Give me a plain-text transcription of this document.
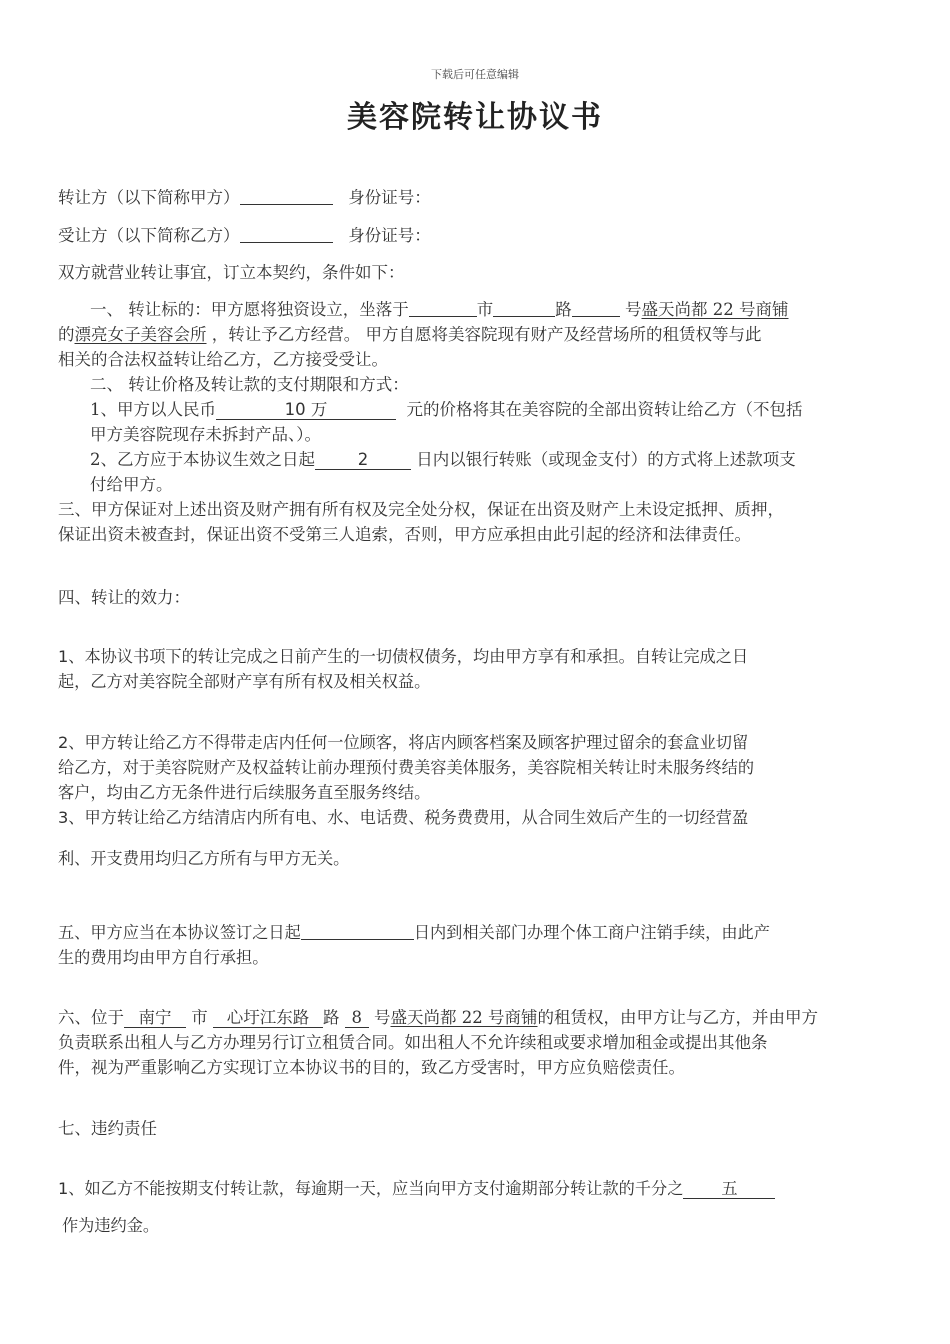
下载后可任意编辑
美容院转让协议书
转让方（以下简称甲方）	身份证号：
受让方（以下简称乙方）	身份证号：
双方就营业转让事宜，订立本契约，条件如下：
一、 转让标的：甲方愿将独资设立，坐落于	市	路	号盛天尚都 22 号商铺
的漂亮女子美容会所 ，转让予乙方经营。 甲方自愿将美容院现有财产及经营场所的租赁权等与此
相关的合法权益转让给乙方，乙方接受受让。
二、 转让价格及转让款的支付期限和方式：
1、甲方以人民币	10 万	元的价格将其在美容院的全部出资转让给乙方（不包括
甲方美容院现存未拆封产品、）。
2、乙方应于本协议生效之日起	2	日内以银行转账（或现金支付）的方式将上述款项支
付给甲方。
三、甲方保证对上述出资及财产拥有所有权及完全处分权，保证在出资及财产上未设定抵押、质押，
保证出资未被查封，保证出资不受第三人追索，否则，甲方应承担由此引起的经济和法律责任。
四、转让的效力：
1、本协议书项下的转让完成之日前产生的一切债权债务，均由甲方享有和承担。自转让完成之日
起，乙方对美容院全部财产享有所有权及相关权益。
2、甲方转让给乙方不得带走店内任何一位顾客，将店内顾客档案及顾客护理过留余的套盒业切留
给乙方，对于美容院财产及权益转让前办理预付费美容美体服务，美容院相关转让时未服务终结的
客户，均由乙方无条件进行后续服务直至服务终结。
3、甲方转让给乙方结清店内所有电、水、电话费、税务费费用，从合同生效后产生的一切经营盈
利、开支费用均归乙方所有与甲方无关。
五、甲方应当在本协议签订之日起	日内到相关部门办理个体工商户注销手续，由此产
生的费用均由甲方自行承担。
六、位于 南宁 市 心圩江东路 路 8 号盛天尚都 22 号商铺的租赁权，由甲方让与乙方，并由甲方
负责联系出租人与乙方办理另行订立租赁合同。如出租人不允许续租或要求增加租金或提出其他条
件，视为严重影响乙方实现订立本协议书的目的，致乙方受害时，甲方应负赔偿责任。
七、违约责任
1、如乙方不能按期支付转让款，每逾期一天，应当向甲方支付逾期部分转让款的千分之 五
作为违约金。
